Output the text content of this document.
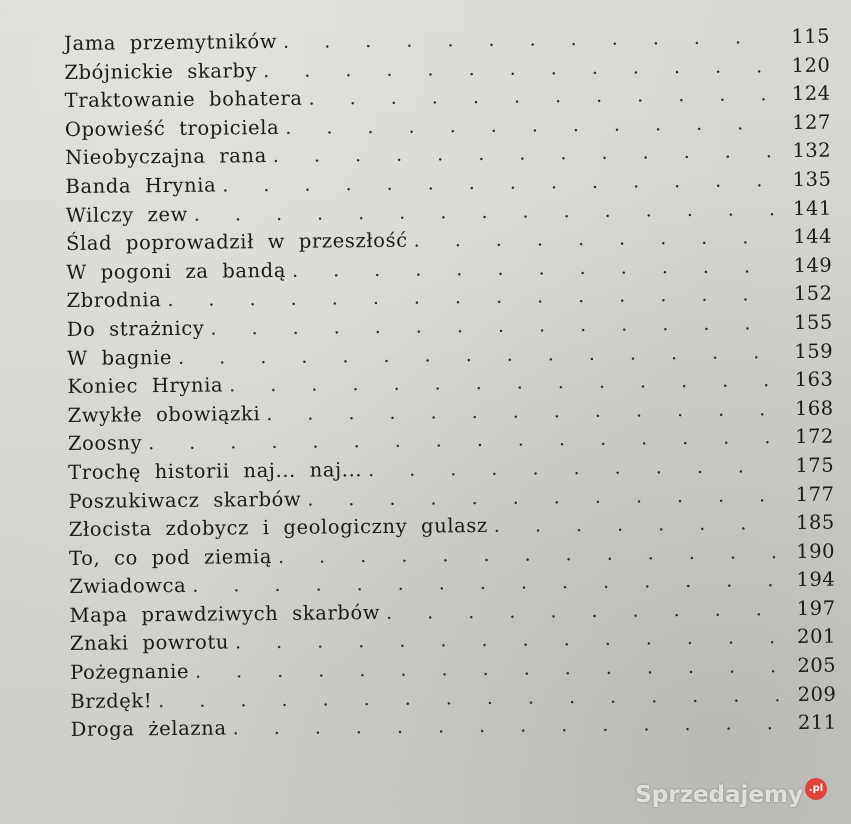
Jama przemytników . . .	115
Zbójnickie skarby . . .	120
Traktowanie bohatera . . .	124
Opowieść tropiciela . . .	127
Nieobyczajna rana . . .	132
Banda Hrynia . . .	135
Wilczy zew . . .	141
Ślad poprowadził w przeszłość . . .	144
W pogoni za bandą . . .	149
Zbrodnia . . .	152
Do strażnicy . . .	155
W bagnie . . .	159
Koniec Hrynia . . .	163
Zwykłe obowiązki . . .	168
Zoosny . . .	172
Trochę historii naj... naj... . . .	175
Poszukiwacz skarbów . . .	177
Złocista zdobycz i geologiczny gulasz . . .	185
To, co pod ziemią . . .	190
Zwiadowca . . .	194
Mapa prawdziwych skarbów . . .	197
Znaki powrotu . . .	201
Pożegnanie . . .	205
Brzdęk! . . .	209
Droga żelazna . . .	211
Sprzedajemy .pl
